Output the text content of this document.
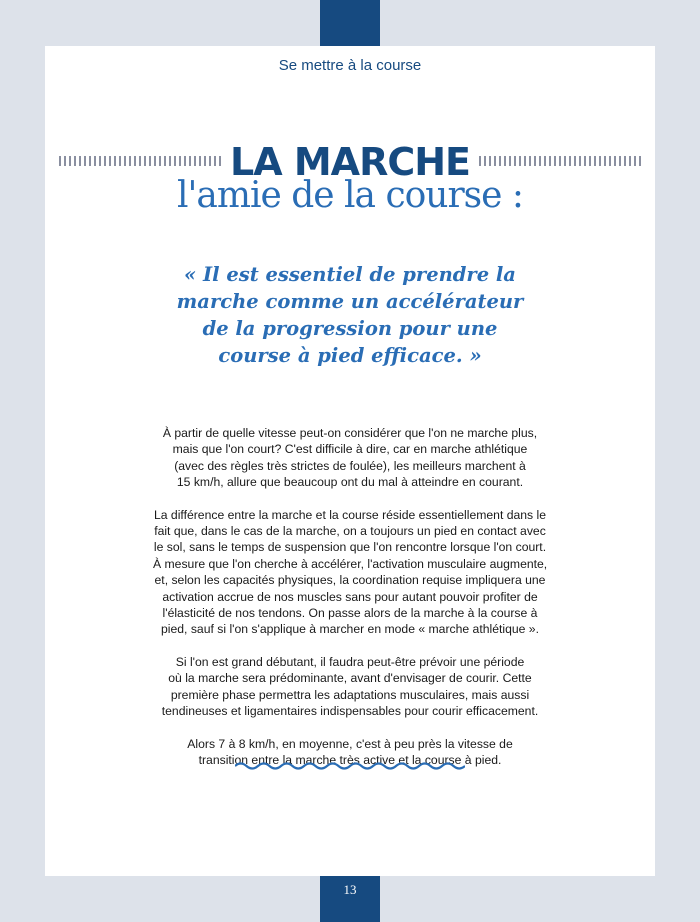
Se mettre à la course
LA MARCHE
l'amie de la course :
« Il est essentiel de prendre la
marche comme un accélérateur
de la progression pour une
course à pied efficace. »

À partir de quelle vitesse peut-on considérer que l'on ne marche plus,
mais que l'on court? C'est difficile à dire, car en marche athlétique
(avec des règles très strictes de foulée), les meilleurs marchent à
15 km/h, allure que beaucoup ont du mal à atteindre en courant.

La différence entre la marche et la course réside essentiellement dans le
fait que, dans le cas de la marche, on a toujours un pied en contact avec
le sol, sans le temps de suspension que l'on rencontre lorsque l'on court.
À mesure que l'on cherche à accélérer, l'activation musculaire augmente,
et, selon les capacités physiques, la coordination requise impliquera une
activation accrue de nos muscles sans pour autant pouvoir profiter de
l'élasticité de nos tendons. On passe alors de la marche à la course à
pied, sauf si l'on s'applique à marcher en mode « marche athlétique ».

Si l'on est grand débutant, il faudra peut-être prévoir une période
où la marche sera prédominante, avant d'envisager de courir. Cette
première phase permettra les adaptations musculaires, mais aussi
tendineuses et ligamentaires indispensables pour courir efficacement.

Alors 7 à 8 km/h, en moyenne, c'est à peu près la vitesse de
transition entre la marche très active et la course à pied.

13
